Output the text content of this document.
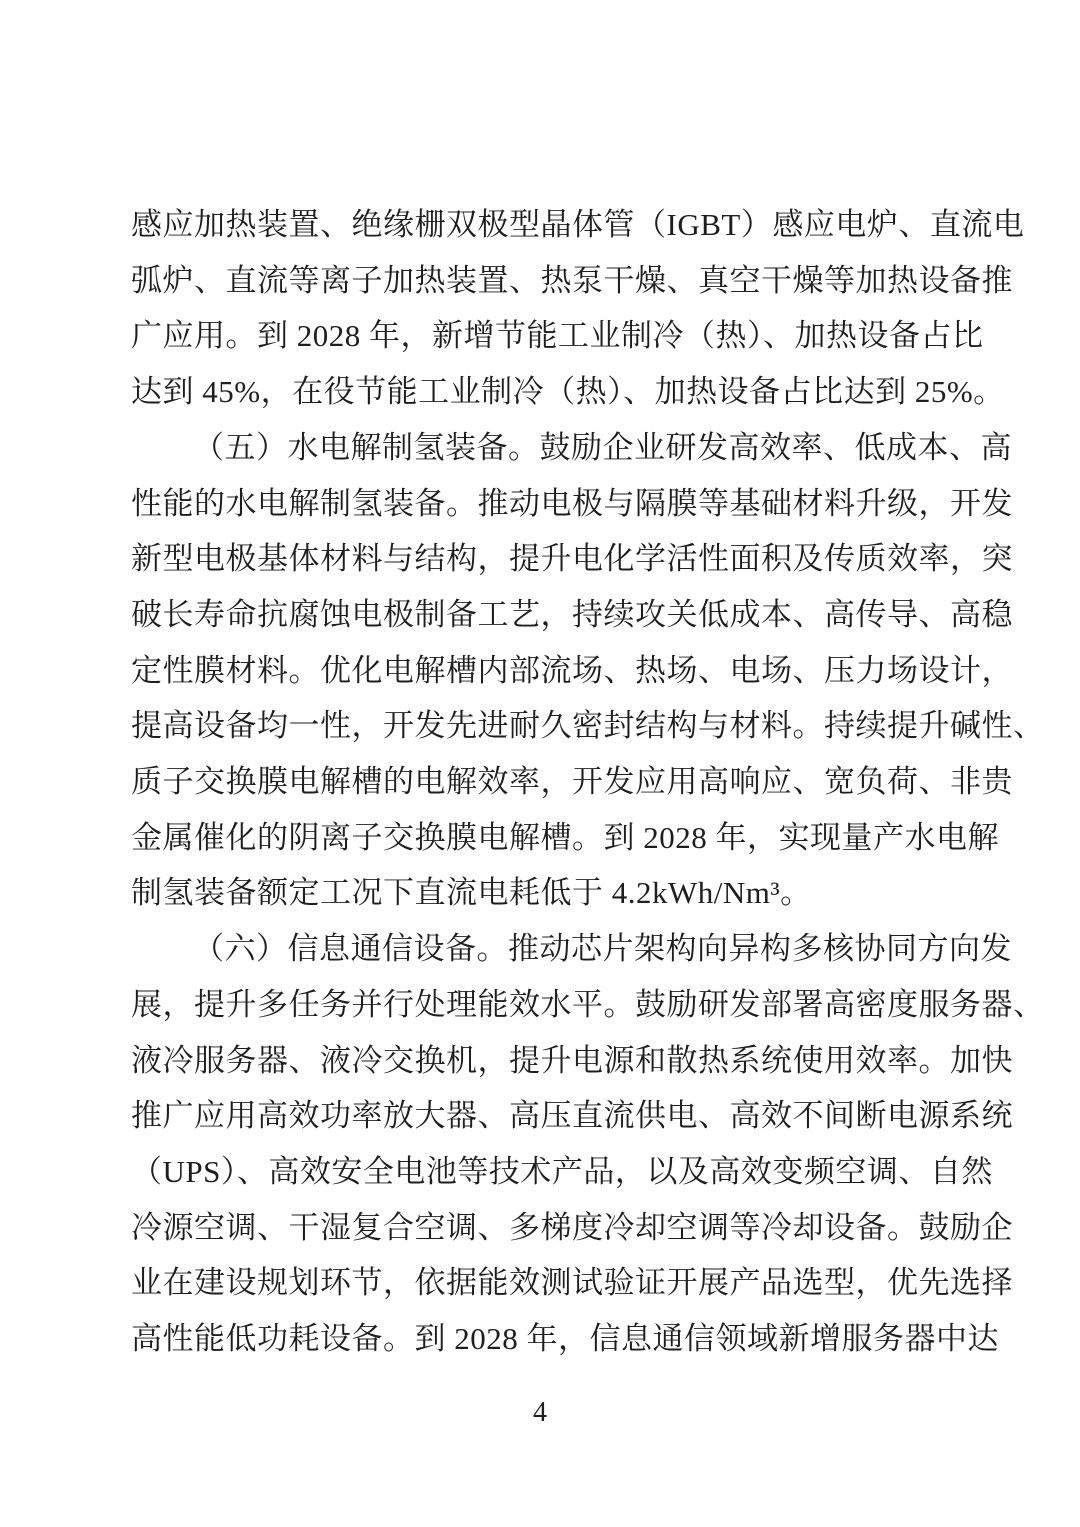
感应加热装置、绝缘栅双极型晶体管（IGBT）感应电炉、直流电
弧炉、直流等离子加热装置、热泵干燥、真空干燥等加热设备推
广应用。到 2028 年，新增节能工业制冷（热）、加热设备占比
达到 45%，在役节能工业制冷（热）、加热设备占比达到 25%。
（五）水电解制氢装备。鼓励企业研发高效率、低成本、高
性能的水电解制氢装备。推动电极与隔膜等基础材料升级，开发
新型电极基体材料与结构，提升电化学活性面积及传质效率，突
破长寿命抗腐蚀电极制备工艺，持续攻关低成本、高传导、高稳
定性膜材料。优化电解槽内部流场、热场、电场、压力场设计，
提高设备均一性，开发先进耐久密封结构与材料。持续提升碱性、
质子交换膜电解槽的电解效率，开发应用高响应、宽负荷、非贵
金属催化的阴离子交换膜电解槽。到 2028 年，实现量产水电解
制氢装备额定工况下直流电耗低于 4.2kWh/Nm³。
（六）信息通信设备。推动芯片架构向异构多核协同方向发
展，提升多任务并行处理能效水平。鼓励研发部署高密度服务器、
液冷服务器、液冷交换机，提升电源和散热系统使用效率。加快
推广应用高效功率放大器、高压直流供电、高效不间断电源系统
（UPS）、高效安全电池等技术产品，以及高效变频空调、自然
冷源空调、干湿复合空调、多梯度冷却空调等冷却设备。鼓励企
业在建设规划环节，依据能效测试验证开展产品选型，优先选择
高性能低功耗设备。到 2028 年，信息通信领域新增服务器中达
4
